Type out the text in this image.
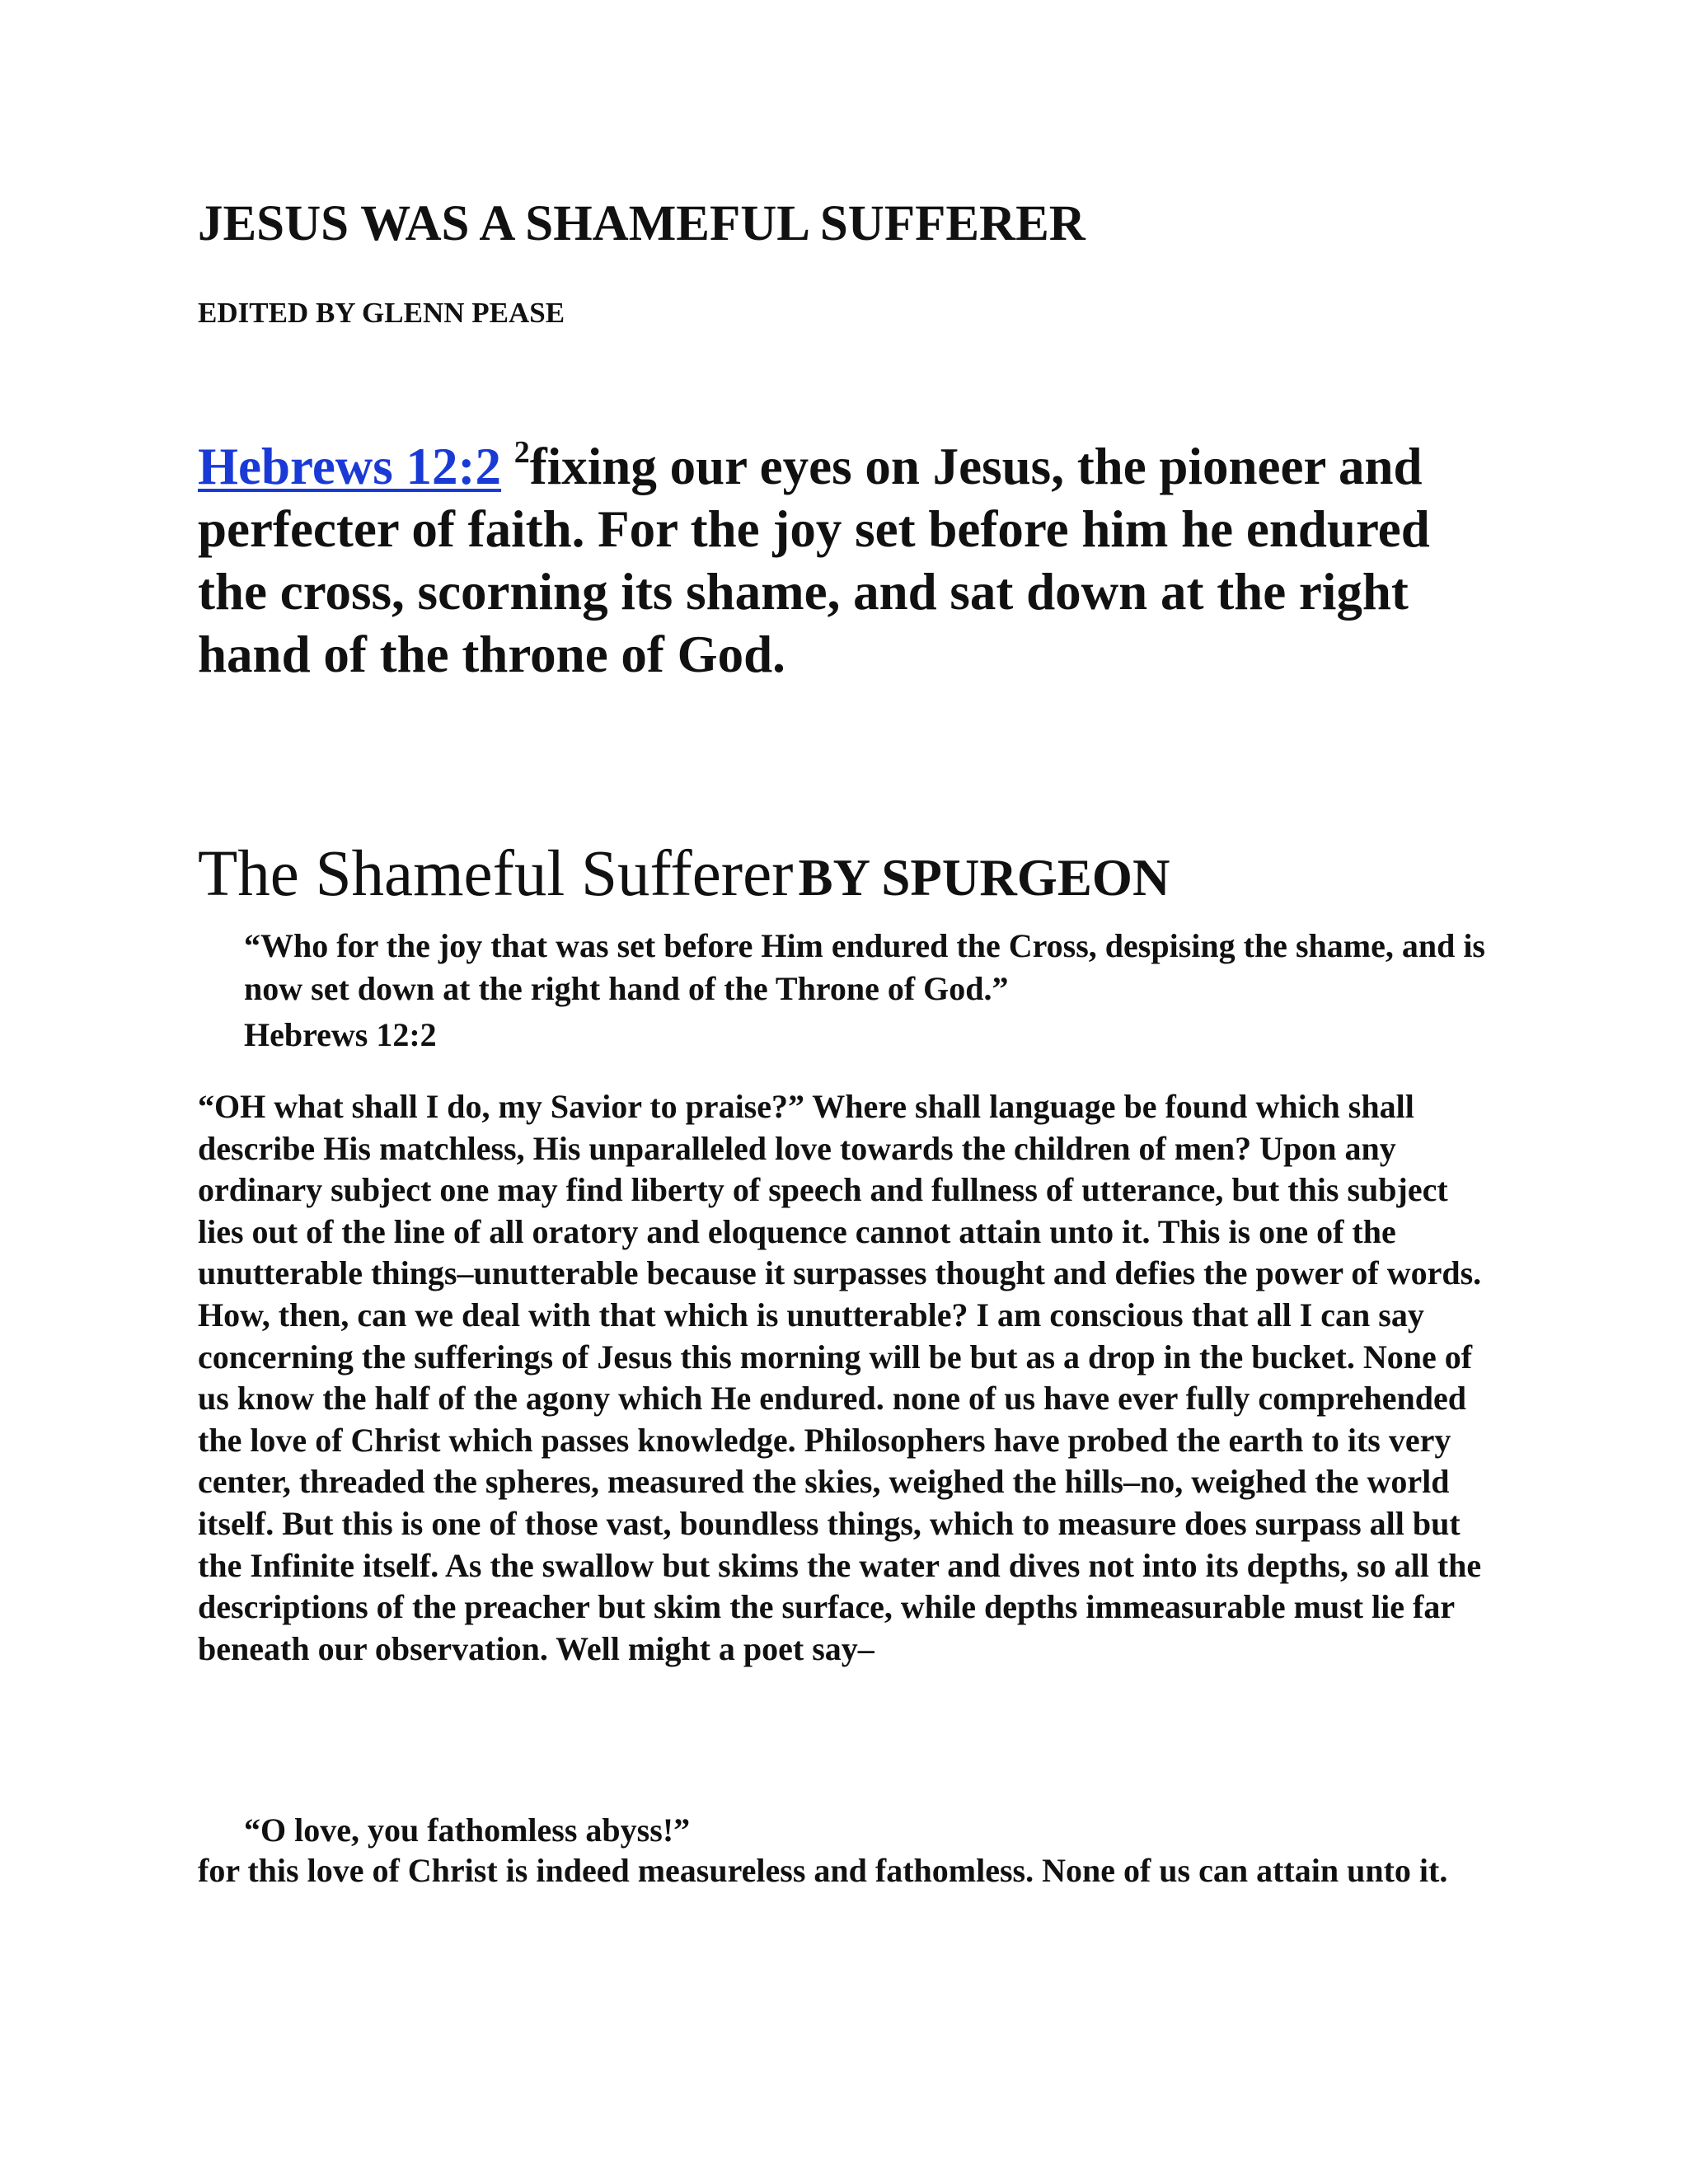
JESUS WAS A SHAMEFUL SUFFERER

EDITED BY GLENN PEASE

Hebrews 12:2 $^2$fixing our eyes on Jesus, the pioneer and perfecter of faith. For the joy set before him he endured the cross, scorning its shame, and sat down at the right hand of the throne of God.

The Shameful Sufferer BY SPURGEON

“Who for the joy that was set before Him endured the Cross, despising the shame, and is now set down at the right hand of the Throne of God.”

Hebrews 12:2

“OH what shall I do, my Savior to praise?” Where shall language be found which shall describe His matchless, His unparalleled love towards the children of men? Upon any ordinary subject one may find liberty of speech and fullness of utterance, but this subject lies out of the line of all oratory and eloquence cannot attain unto it. This is one of the unutterable things–unutterable because it surpasses thought and defies the power of words. How, then, can we deal with that which is unutterable? I am conscious that all I can say concerning the sufferings of Jesus this morning will be but as a drop in the bucket. None of us know the half of the agony which He endured. none of us have ever fully comprehended the love of Christ which passes knowledge. Philosophers have probed the earth to its very center, threaded the spheres, measured the skies, weighed the hills–no, weighed the world itself. But this is one of those vast, boundless things, which to measure does surpass all but the Infinite itself. As the swallow but skims the water and dives not into its depths, so all the descriptions of the preacher but skim the surface, while depths immeasurable must lie far beneath our observation. Well might a poet say–

“O love, you fathomless abyss!”

for this love of Christ is indeed measureless and fathomless. None of us can attain unto it.
